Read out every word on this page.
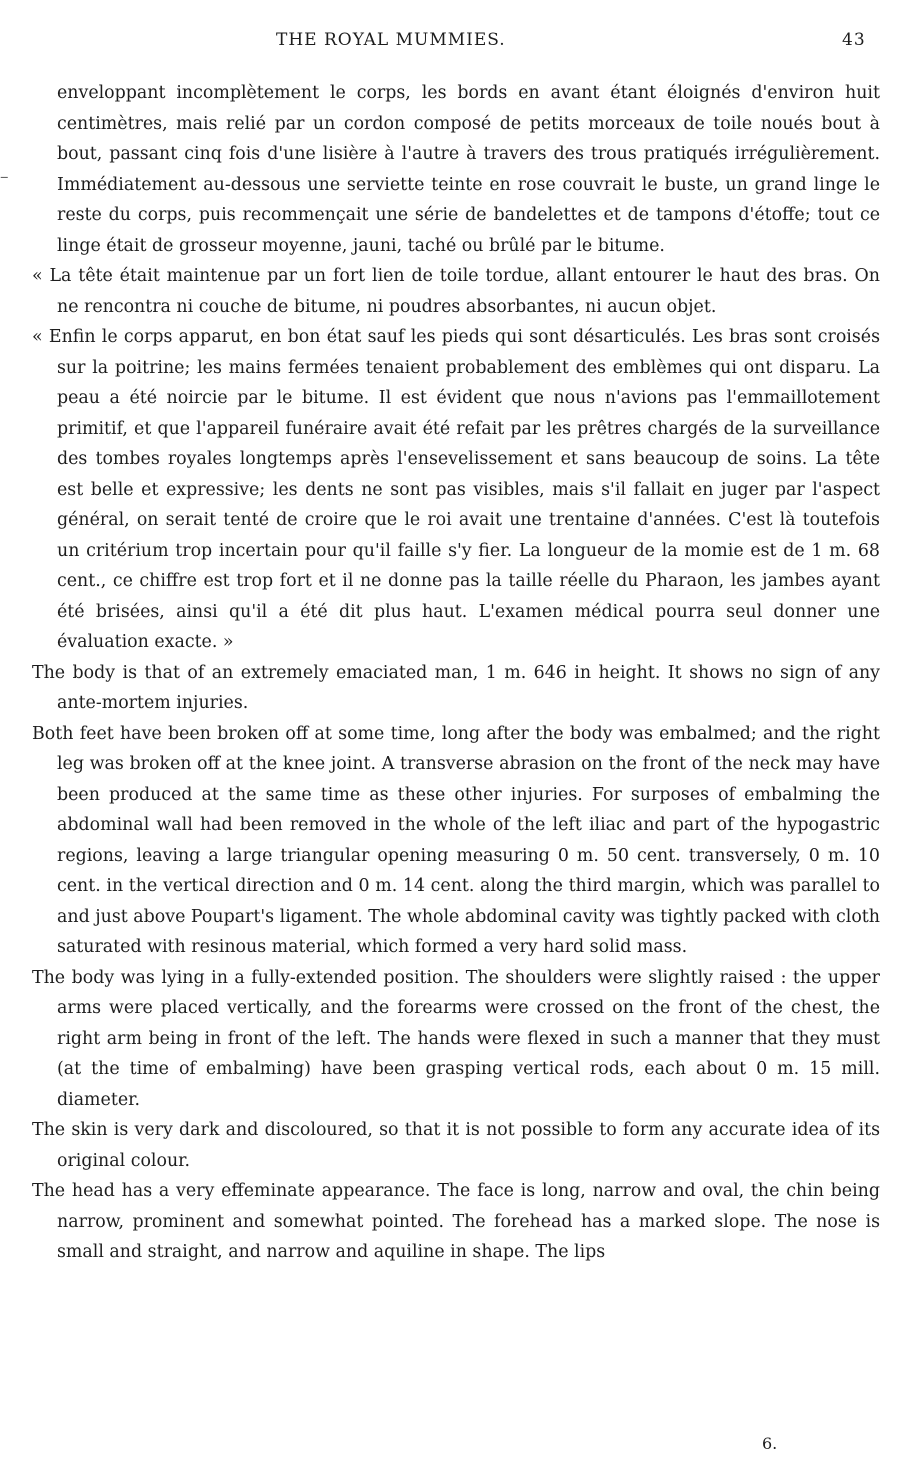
THE ROYAL MUMMIES.	43
–

enveloppant incomplètement le corps, les bords en avant étant éloignés d'environ huit centimètres, mais relié par un cordon composé de petits morceaux de toile noués bout à bout, passant cinq fois d'une lisière à l'autre à travers des trous pratiqués irrégulièrement. Immédiatement au-dessous une serviette teinte en rose couvrait le buste, un grand linge le reste du corps, puis recommençait une série de bandelettes et de tampons d'étoffe; tout ce linge était de grosseur moyenne, jauni, taché ou brûlé par le bitume.

« La tête était maintenue par un fort lien de toile tordue, allant entourer le haut des bras. On ne rencontra ni couche de bitume, ni poudres absorbantes, ni aucun objet.

« Enfin le corps apparut, en bon état sauf les pieds qui sont désarticulés. Les bras sont croisés sur la poitrine; les mains fermées tenaient probablement des emblèmes qui ont disparu. La peau a été noircie par le bitume. Il est évident que nous n'avions pas l'emmaillotement primitif, et que l'appareil funéraire avait été refait par les prêtres chargés de la surveillance des tombes royales longtemps après l'ensevelissement et sans beaucoup de soins. La tête est belle et expressive; les dents ne sont pas visibles, mais s'il fallait en juger par l'aspect général, on serait tenté de croire que le roi avait une trentaine d'années. C'est là toutefois un critérium trop incertain pour qu'il faille s'y fier. La longueur de la momie est de 1 m. 68 cent., ce chiffre est trop fort et il ne donne pas la taille réelle du Pharaon, les jambes ayant été brisées, ainsi qu'il a été dit plus haut. L'examen médical pourra seul donner une évaluation exacte. »

The body is that of an extremely emaciated man, 1 m. 646 in height. It shows no sign of any ante-mortem injuries.

Both feet have been broken off at some time, long after the body was embalmed; and the right leg was broken off at the knee joint. A transverse abrasion on the front of the neck may have been produced at the same time as these other injuries. For surposes of embalming the abdominal wall had been removed in the whole of the left iliac and part of the hypogastric regions, leaving a large triangular opening measuring 0 m. 50 cent. transversely, 0 m. 10 cent. in the vertical direction and 0 m. 14 cent. along the third margin, which was parallel to and just above Poupart's ligament. The whole abdominal cavity was tightly packed with cloth saturated with resinous material, which formed a very hard solid mass.

The body was lying in a fully-extended position. The shoulders were slightly raised : the upper arms were placed vertically, and the forearms were crossed on the front of the chest, the right arm being in front of the left. The hands were flexed in such a manner that they must (at the time of embalming) have been grasping vertical rods, each about 0 m. 15 mill. diameter.

The skin is very dark and discoloured, so that it is not possible to form any accurate idea of its original colour.

The head has a very effeminate appearance. The face is long, narrow and oval, the chin being narrow, prominent and somewhat pointed. The forehead has a marked slope. The nose is small and straight, and narrow and aquiline in shape. The lips

6.
